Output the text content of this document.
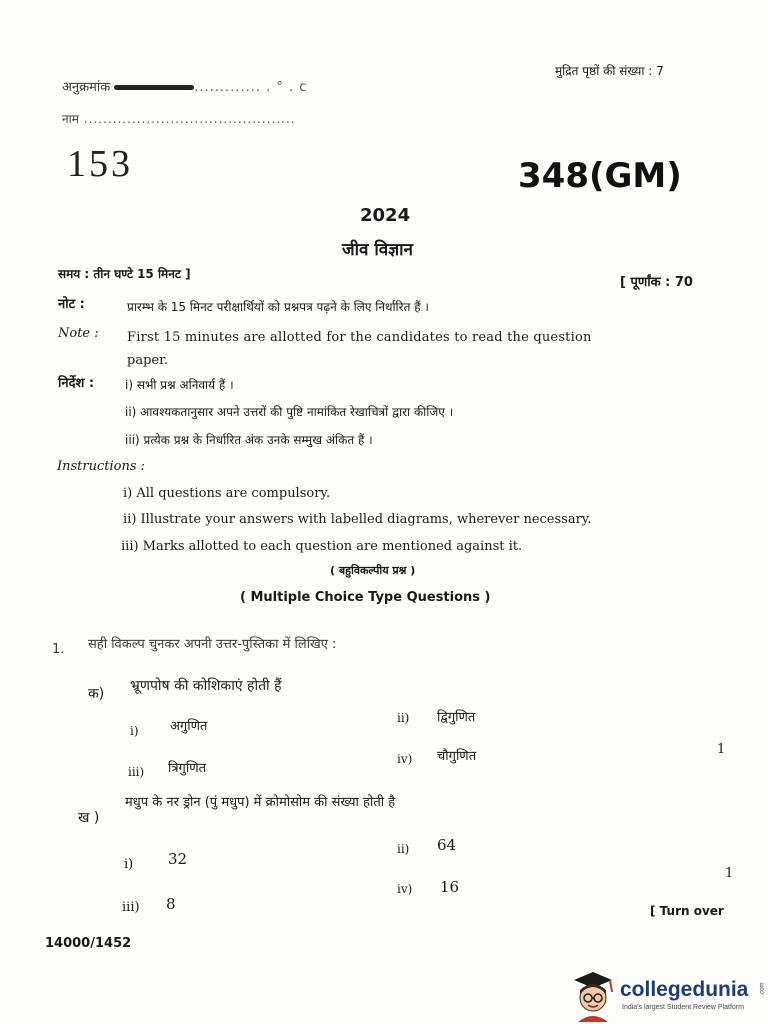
मुद्रित पृष्ठों की संख्या : 7
अनुक्रमांक	............. . ° . c
नाम ............................................
153	348(GM)
2024
जीव विज्ञान
समय : तीन घण्टे 15 मिनट ]
[ पूर्णांक : 70
नोट :	प्रारम्भ के 15 मिनट परीक्षार्थियों को प्रश्नपत्र पढ़ने के लिए निर्धारित हैं ।
Note : First 15 minutes are allotted for the candidates to read the question
paper.
निर्देश :	i) सभी प्रश्न अनिवार्य हैं ।
ii) आवश्यकतानुसार अपने उत्तरों की पुष्टि नामांकित रेखाचित्रों द्वारा कीजिए ।
iii) प्रत्येक प्रश्न के निर्धारित अंक उनके सम्मुख अंकित हैं ।
Instructions :
i) All questions are compulsory.
ii) Illustrate your answers with labelled diagrams, wherever necessary.
iii) Marks allotted to each question are mentioned against it.
( बहुविकल्पीय प्रश्न )
( Multiple Choice Type Questions )
1. सही विकल्प चुनकर अपनी उत्तर-पुस्तिका में लिखिए :
क) भ्रूणपोष की कोशिकाएं होती हैं
1
i) अगुणित
ii) द्विगुणित
iii) त्रिगुणित
iv) चौगुणित
ख )
मधुप के नर ड्रोन (पुं मधुप) में क्रोमोसोम की संख्या होती है
1
i) 32
ii) 64
iii) 8
iv) 16
[ Turn over
14000/1452
collegedunia .com
India's largest Student Review Platform
